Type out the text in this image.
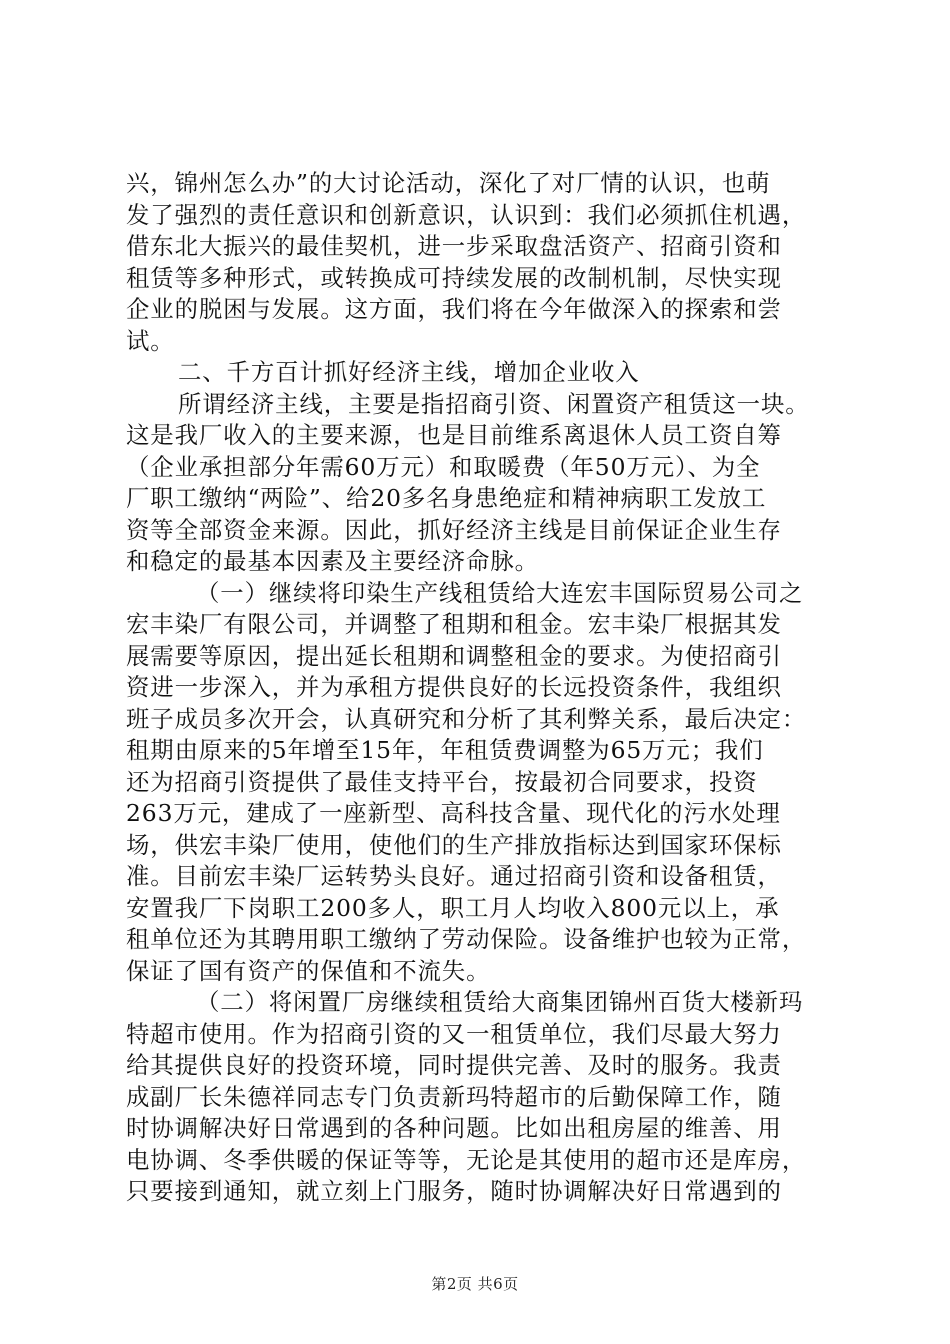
兴，锦州怎么办”的大讨论活动，深化了对厂情的认识，也萌
发了强烈的责任意识和创新意识，认识到：我们必须抓住机遇，
借东北大振兴的最佳契机，进一步采取盘活资产、招商引资和
租赁等多种形式，或转换成可持续发展的改制机制，尽快实现
企业的脱困与发展。这方面，我们将在今年做深入的探索和尝
试。
二、千方百计抓好经济主线，增加企业收入
所谓经济主线，主要是指招商引资、闲置资产租赁这一块。
这是我厂收入的主要来源，也是目前维系离退休人员工资自筹
（企业承担部分年需60万元）和取暖费（年50万元）、为全
厂职工缴纳“两险”、给20多名身患绝症和精神病职工发放工
资等全部资金来源。因此，抓好经济主线是目前保证企业生存
和稳定的最基本因素及主要经济命脉。
（一）继续将印染生产线租赁给大连宏丰国际贸易公司之
宏丰染厂有限公司，并调整了租期和租金。宏丰染厂根据其发
展需要等原因，提出延长租期和调整租金的要求。为使招商引
资进一步深入，并为承租方提供良好的长远投资条件，我组织
班子成员多次开会，认真研究和分析了其利弊关系，最后决定：
租期由原来的5年增至15年，年租赁费调整为65万元；我们
还为招商引资提供了最佳支持平台，按最初合同要求，投资
263万元，建成了一座新型、高科技含量、现代化的污水处理
场，供宏丰染厂使用，使他们的生产排放指标达到国家环保标
准。目前宏丰染厂运转势头良好。通过招商引资和设备租赁，
安置我厂下岗职工200多人，职工月人均收入800元以上，承
租单位还为其聘用职工缴纳了劳动保险。设备维护也较为正常，
保证了国有资产的保值和不流失。
（二）将闲置厂房继续租赁给大商集团锦州百货大楼新玛
特超市使用。作为招商引资的又一租赁单位，我们尽最大努力
给其提供良好的投资环境，同时提供完善、及时的服务。我责
成副厂长朱德祥同志专门负责新玛特超市的后勤保障工作，随
时协调解决好日常遇到的各种问题。比如出租房屋的维善、用
电协调、冬季供暖的保证等等，无论是其使用的超市还是库房，
只要接到通知，就立刻上门服务，随时协调解决好日常遇到的
第2页 共6页
